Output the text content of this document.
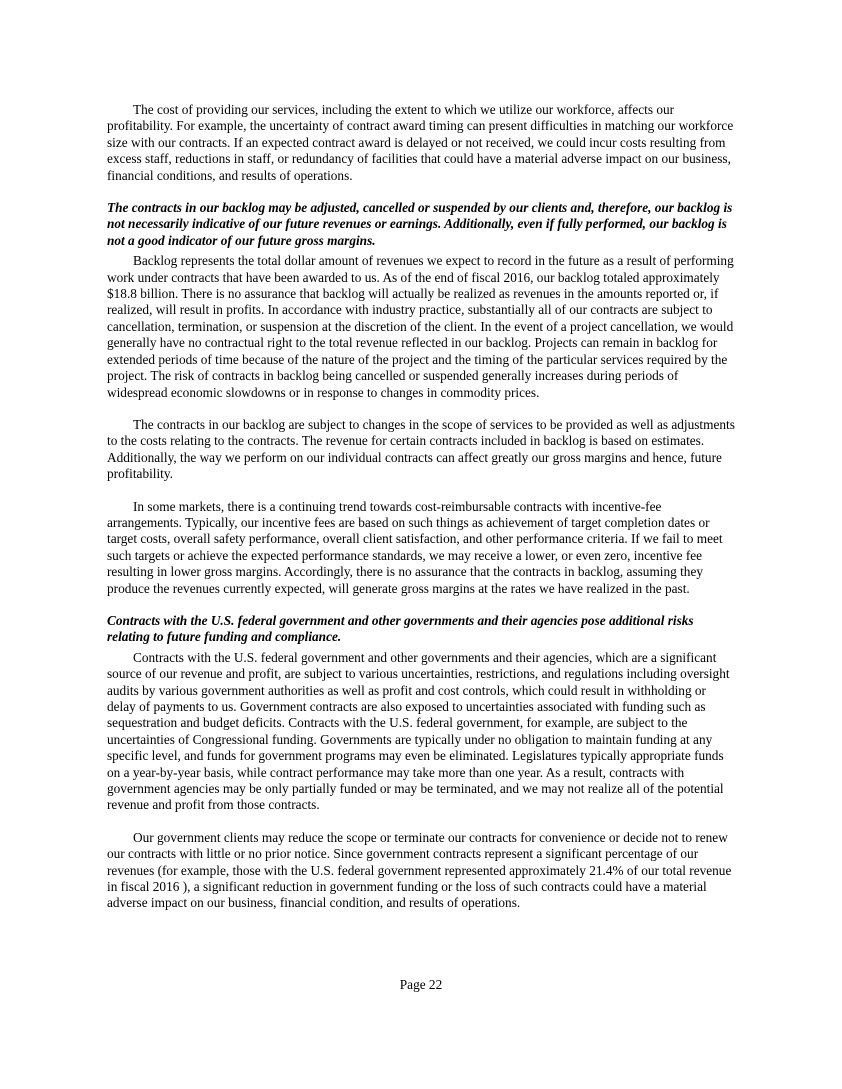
The cost of providing our services, including the extent to which we utilize our workforce, affects our profitability. For example, the uncertainty of contract award timing can present difficulties in matching our workforce size with our contracts. If an expected contract award is delayed or not received, we could incur costs resulting from excess staff, reductions in staff, or redundancy of facilities that could have a material adverse impact on our business, financial conditions, and results of operations.

The contracts in our backlog may be adjusted, cancelled or suspended by our clients and, therefore, our backlog is not necessarily indicative of our future revenues or earnings. Additionally, even if fully performed, our backlog is not a good indicator of our future gross margins.

Backlog represents the total dollar amount of revenues we expect to record in the future as a result of performing work under contracts that have been awarded to us. As of the end of fiscal 2016, our backlog totaled approximately $18.8 billion. There is no assurance that backlog will actually be realized as revenues in the amounts reported or, if realized, will result in profits. In accordance with industry practice, substantially all of our contracts are subject to cancellation, termination, or suspension at the discretion of the client. In the event of a project cancellation, we would generally have no contractual right to the total revenue reflected in our backlog. Projects can remain in backlog for extended periods of time because of the nature of the project and the timing of the particular services required by the project. The risk of contracts in backlog being cancelled or suspended generally increases during periods of widespread economic slowdowns or in response to changes in commodity prices.

The contracts in our backlog are subject to changes in the scope of services to be provided as well as adjustments to the costs relating to the contracts. The revenue for certain contracts included in backlog is based on estimates. Additionally, the way we perform on our individual contracts can affect greatly our gross margins and hence, future profitability.

In some markets, there is a continuing trend towards cost-reimbursable contracts with incentive-fee arrangements. Typically, our incentive fees are based on such things as achievement of target completion dates or target costs, overall safety performance, overall client satisfaction, and other performance criteria. If we fail to meet such targets or achieve the expected performance standards, we may receive a lower, or even zero, incentive fee resulting in lower gross margins. Accordingly, there is no assurance that the contracts in backlog, assuming they produce the revenues currently expected, will generate gross margins at the rates we have realized in the past.

Contracts with the U.S. federal government and other governments and their agencies pose additional risks relating to future funding and compliance.

Contracts with the U.S. federal government and other governments and their agencies, which are a significant source of our revenue and profit, are subject to various uncertainties, restrictions, and regulations including oversight audits by various government authorities as well as profit and cost controls, which could result in withholding or delay of payments to us. Government contracts are also exposed to uncertainties associated with funding such as sequestration and budget deficits. Contracts with the U.S. federal government, for example, are subject to the uncertainties of Congressional funding. Governments are typically under no obligation to maintain funding at any specific level, and funds for government programs may even be eliminated. Legislatures typically appropriate funds on a year-by-year basis, while contract performance may take more than one year. As a result, contracts with government agencies may be only partially funded or may be terminated, and we may not realize all of the potential revenue and profit from those contracts.

Our government clients may reduce the scope or terminate our contracts for convenience or decide not to renew our contracts with little or no prior notice. Since government contracts represent a significant percentage of our revenues (for example, those with the U.S. federal government represented approximately 21.4% of our total revenue in fiscal 2016 ), a significant reduction in government funding or the loss of such contracts could have a material adverse impact on our business, financial condition, and results of operations.

Page 22
